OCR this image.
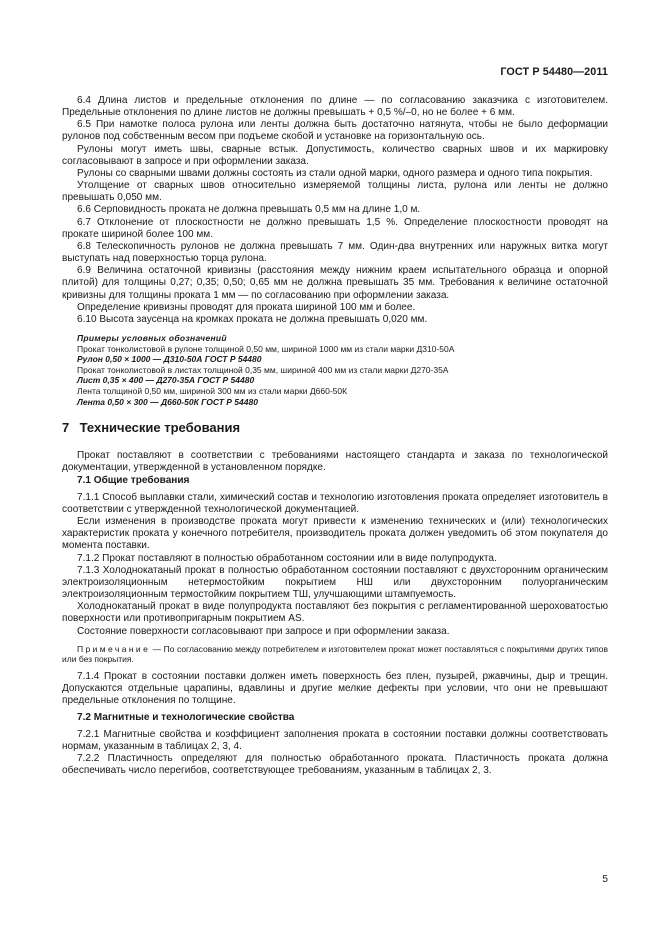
ГОСТ Р 54480—2011

6.4 Длина листов и предельные отклонения по длине — по согласованию заказчика с изготовителем. Предельные отклонения по длине листов не должны превышать + 0,5 %/–0, но не более + 6 мм.

6.5 При намотке полоса рулона или ленты должна быть достаточно натянута, чтобы не было деформации рулонов под собственным весом при подъеме скобой и установке на горизонтальную ось.

Рулоны могут иметь швы, сварные встык. Допустимость, количество сварных швов и их маркировку согласовывают в запросе и при оформлении заказа.

Рулоны со сварными швами должны состоять из стали одной марки, одного размера и одного типа покрытия.

Утолщение от сварных швов относительно измеряемой толщины листа, рулона или ленты не должно превышать 0,050 мм.

6.6 Серповидность проката не должна превышать 0,5 мм на длине 1,0 м.

6.7 Отклонение от плоскостности не должно превышать 1,5 %. Определение плоскостности проводят на прокате шириной более 100 мм.

6.8 Телескопичность рулонов не должна превышать 7 мм. Один-два внутренних или наружных витка могут выступать над поверхностью торца рулона.

6.9 Величина остаточной кривизны (расстояния между нижним краем испытательного образца и опорной плитой) для толщины 0,27; 0,35; 0,50; 0,65 мм не должна превышать 35 мм. Требования к величине остаточной кривизны для толщины проката 1 мм — по согласованию при оформлении заказа.

Определение кривизны проводят для проката шириной 100 мм и более.

6.10 Высота заусенца на кромках проката не должна превышать 0,020 мм.

Примеры условных обозначений

Прокат тонколистовой в рулоне толщиной 0,50 мм, шириной 1000 мм из стали марки Д310-50А

Рулон 0,50 × 1000 — Д310-50А ГОСТ Р 54480

Прокат тонколистовой в листах толщиной 0,35 мм, шириной 400 мм из стали марки Д270-35А

Лист 0,35 × 400 — Д270-35А ГОСТ Р 54480

Лента толщиной 0,50 мм, шириной 300 мм из стали марки Д660-50К

Лента 0,50 × 300 — Д660-50К ГОСТ Р 54480

7 Технические требования

Прокат поставляют в соответствии с требованиями настоящего стандарта и заказа по технологической документации, утвержденной в установленном порядке.

7.1 Общие требования

7.1.1 Способ выплавки стали, химический состав и технологию изготовления проката определяет изготовитель в соответствии с утвержденной технологической документацией.

Если изменения в производстве проката могут привести к изменению технических и (или) технологических характеристик проката у конечного потребителя, производитель проката должен уведомить об этом покупателя до момента поставки.

7.1.2 Прокат поставляют в полностью обработанном состоянии или в виде полупродукта.

7.1.3 Холоднокатаный прокат в полностью обработанном состоянии поставляют с двухсторонним органическим электроизоляционным нетермостойким покрытием НШ или двухсторонним полуорганическим электроизоляционным термостойким покрытием ТШ, улучшающими штампуемость.

Холоднокатаный прокат в виде полупродукта поставляют без покрытия с регламентированной шероховатостью поверхности или противопригарным покрытием АS.

Состояние поверхности согласовывают при запросе и при оформлении заказа.

Примечание — По согласованию между потребителем и изготовителем прокат может поставляться с покрытиями других типов или без покрытия.

7.1.4 Прокат в состоянии поставки должен иметь поверхность без плен, пузырей, ржавчины, дыр и трещин. Допускаются отдельные царапины, вдавлины и другие мелкие дефекты при условии, что они не превышают предельные отклонения по толщине.

7.2 Магнитные и технологические свойства

7.2.1 Магнитные свойства и коэффициент заполнения проката в состоянии поставки должны соответствовать нормам, указанным в таблицах 2, 3, 4.

7.2.2 Пластичность определяют для полностью обработанного проката. Пластичность проката должна обеспечивать число перегибов, соответствующее требованиям, указанным в таблицах 2, 3.

5
